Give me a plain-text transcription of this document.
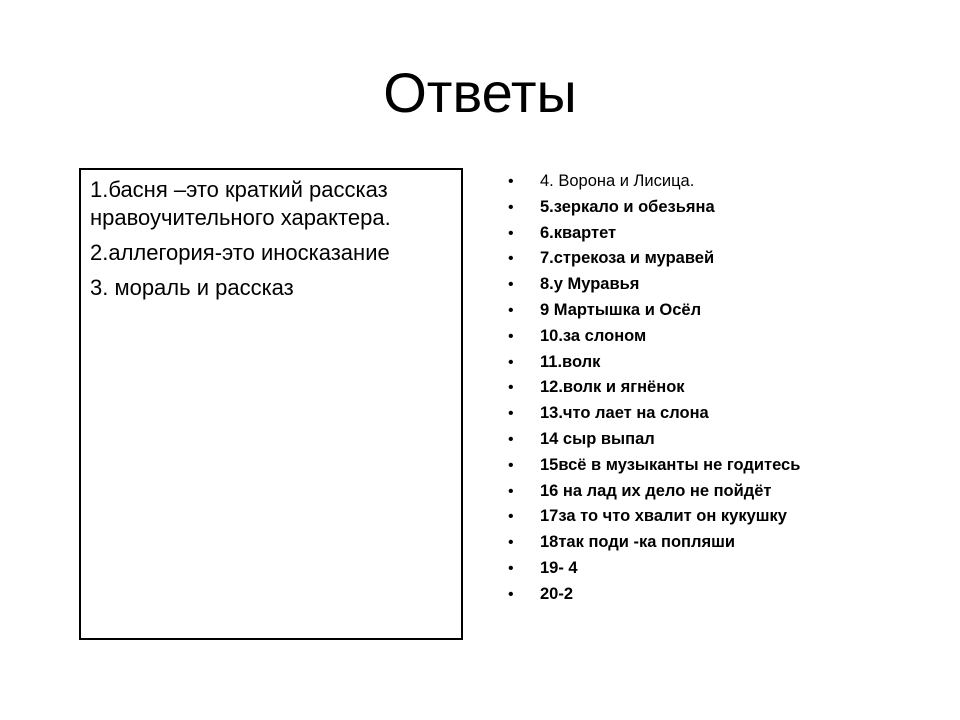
Ответы

1.басня –это краткий рассказ нравоучительного характера.

2.аллегория-это иносказание

3. мораль и рассказ

• 4. Ворона и Лисица.
• 5.зеркало и обезьяна
• 6.квартет
• 7.стрекоза и муравей
• 8.у Муравья
• 9 Мартышка и Осёл
• 10.за слоном
• 11.волк
• 12.волк и ягнёнок
• 13.что лает на слона
• 14 сыр выпал
• 15всё в музыканты не годитесь
• 16 на лад их дело не пойдёт
• 17за то что хвалит он кукушку
• 18так поди -ка попляши
• 19- 4
• 20-2
